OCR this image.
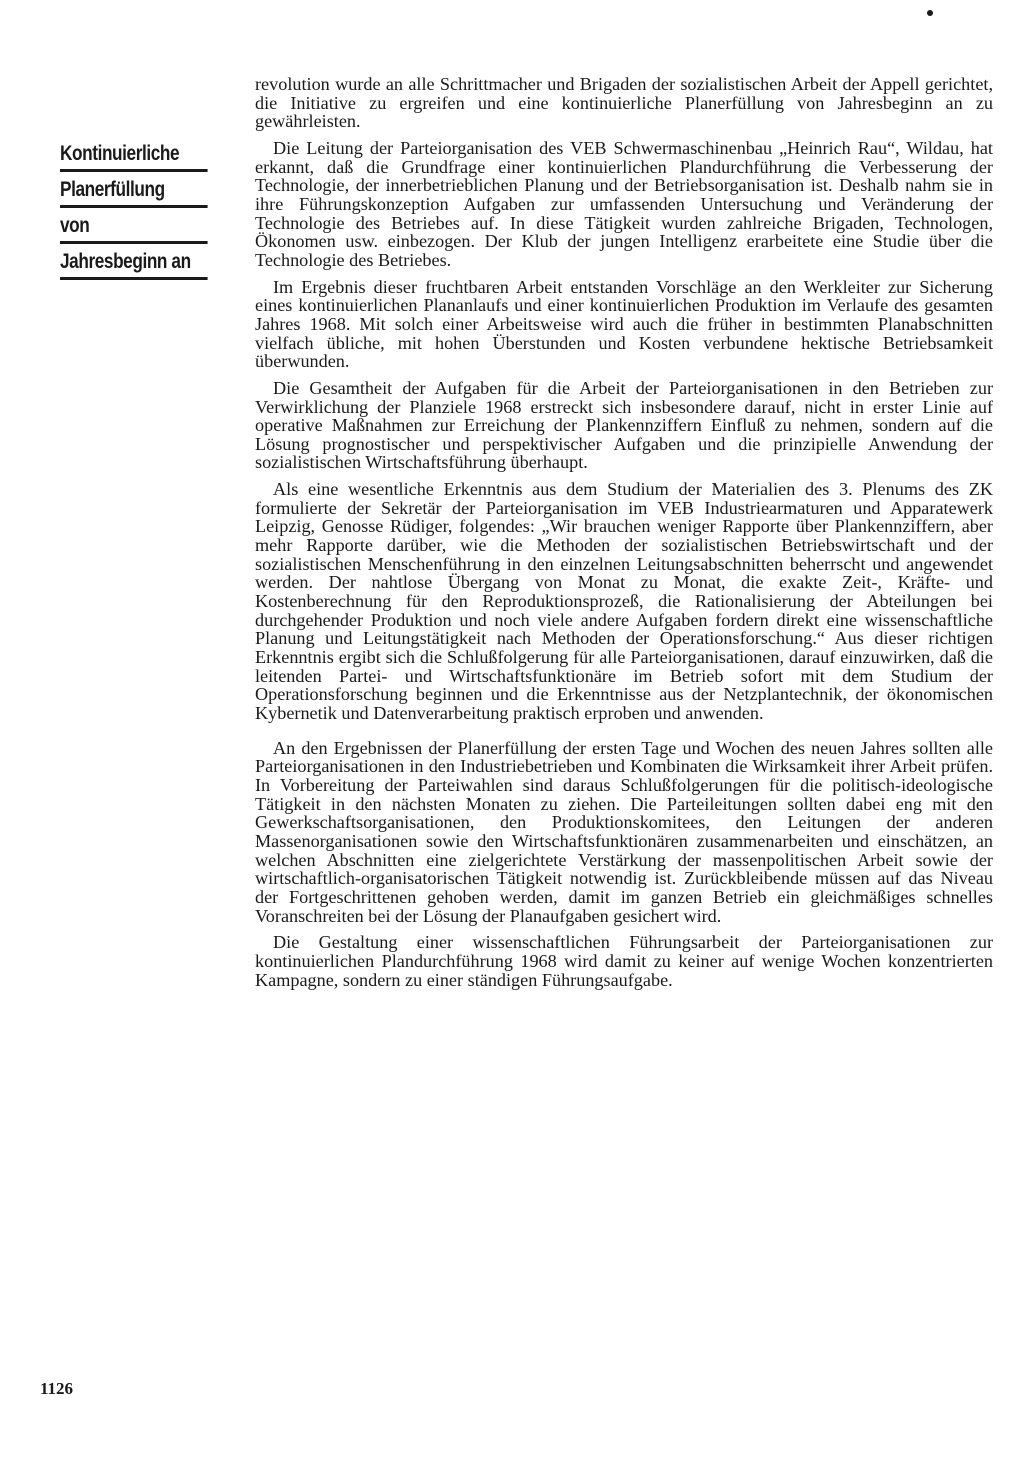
Kontinuierliche
Planerfüllung
von
Jahresbeginn an

revolution wurde an alle Schrittmacher und Brigaden der sozialistischen Arbeit der Appell gerichtet, die Initiative zu ergreifen und eine kontinuierliche Planerfüllung von Jahresbeginn an zu gewährleisten.

Die Leitung der Parteiorganisation des VEB Schwermaschinenbau „Heinrich Rau“, Wildau, hat erkannt, daß die Grundfrage einer kontinuierlichen Plandurchführung die Verbesserung der Technologie, der innerbetrieblichen Planung und der Betriebsorganisation ist. Deshalb nahm sie in ihre Führungskonzeption Aufgaben zur umfassenden Untersuchung und Veränderung der Technologie des Betriebes auf. In diese Tätigkeit wurden zahlreiche Brigaden, Technologen, Ökonomen usw. einbezogen. Der Klub der jungen Intelligenz erarbeitete eine Studie über die Technologie des Betriebes.

Im Ergebnis dieser fruchtbaren Arbeit entstanden Vorschläge an den Werkleiter zur Sicherung eines kontinuierlichen Plananlaufs und einer kontinuierlichen Produktion im Verlaufe des gesamten Jahres 1968. Mit solch einer Arbeitsweise wird auch die früher in bestimmten Planabschnitten vielfach übliche, mit hohen Überstunden und Kosten verbundene hektische Betriebsamkeit überwunden.

Die Gesamtheit der Aufgaben für die Arbeit der Parteiorganisationen in den Betrieben zur Verwirklichung der Planziele 1968 erstreckt sich insbesondere darauf, nicht in erster Linie auf operative Maßnahmen zur Erreichung der Plankennziffern Einfluß zu nehmen, sondern auf die Lösung prognostischer und perspektivischer Aufgaben und die prinzipielle Anwendung der sozialistischen Wirtschaftsführung überhaupt.

Als eine wesentliche Erkenntnis aus dem Studium der Materialien des 3. Plenums des ZK formulierte der Sekretär der Parteiorganisation im VEB Industriearmaturen und Apparatewerk Leipzig, Genosse Rüdiger, folgendes: „Wir brauchen weniger Rapporte über Plankennziffern, aber mehr Rapporte darüber, wie die Methoden der sozialistischen Betriebswirtschaft und der sozialistischen Menschenführung in den einzelnen Leitungsabschnitten beherrscht und angewendet werden. Der nahtlose Übergang von Monat zu Monat, die exakte Zeit-, Kräfte- und Kostenberechnung für den Reproduktionsprozeß, die Rationalisierung der Abteilungen bei durchgehender Produktion und noch viele andere Aufgaben fordern direkt eine wissenschaftliche Planung und Leitungstätigkeit nach Methoden der Operationsforschung.“ Aus dieser richtigen Erkenntnis ergibt sich die Schlußfolgerung für alle Parteiorganisationen, darauf einzuwirken, daß die leitenden Partei- und Wirtschaftsfunktionäre im Betrieb sofort mit dem Studium der Operationsforschung beginnen und die Erkenntnisse aus der Netzplantechnik, der ökonomischen Kybernetik und Datenverarbeitung praktisch erproben und anwenden.

An den Ergebnissen der Planerfüllung der ersten Tage und Wochen des neuen Jahres sollten alle Parteiorganisationen in den Industriebetrieben und Kombinaten die Wirksamkeit ihrer Arbeit prüfen. In Vorbereitung der Parteiwahlen sind daraus Schlußfolgerungen für die politisch-ideologische Tätigkeit in den nächsten Monaten zu ziehen. Die Parteileitungen sollten dabei eng mit den Gewerkschaftsorganisationen, den Produktionskomitees, den Leitungen der anderen Massenorganisationen sowie den Wirtschaftsfunktionären zusammenarbeiten und einschätzen, an welchen Abschnitten eine zielgerichtete Verstärkung der massenpolitischen Arbeit sowie der wirtschaftlich-organisatorischen Tätigkeit notwendig ist. Zurückbleibende müssen auf das Niveau der Fortgeschrittenen gehoben werden, damit im ganzen Betrieb ein gleichmäßiges schnelles Voranschreiten bei der Lösung der Planaufgaben gesichert wird.

Die Gestaltung einer wissenschaftlichen Führungsarbeit der Parteiorganisationen zur kontinuierlichen Plandurchführung 1968 wird damit zu keiner auf wenige Wochen konzentrierten Kampagne, sondern zu einer ständigen Führungsaufgabe.

1126
